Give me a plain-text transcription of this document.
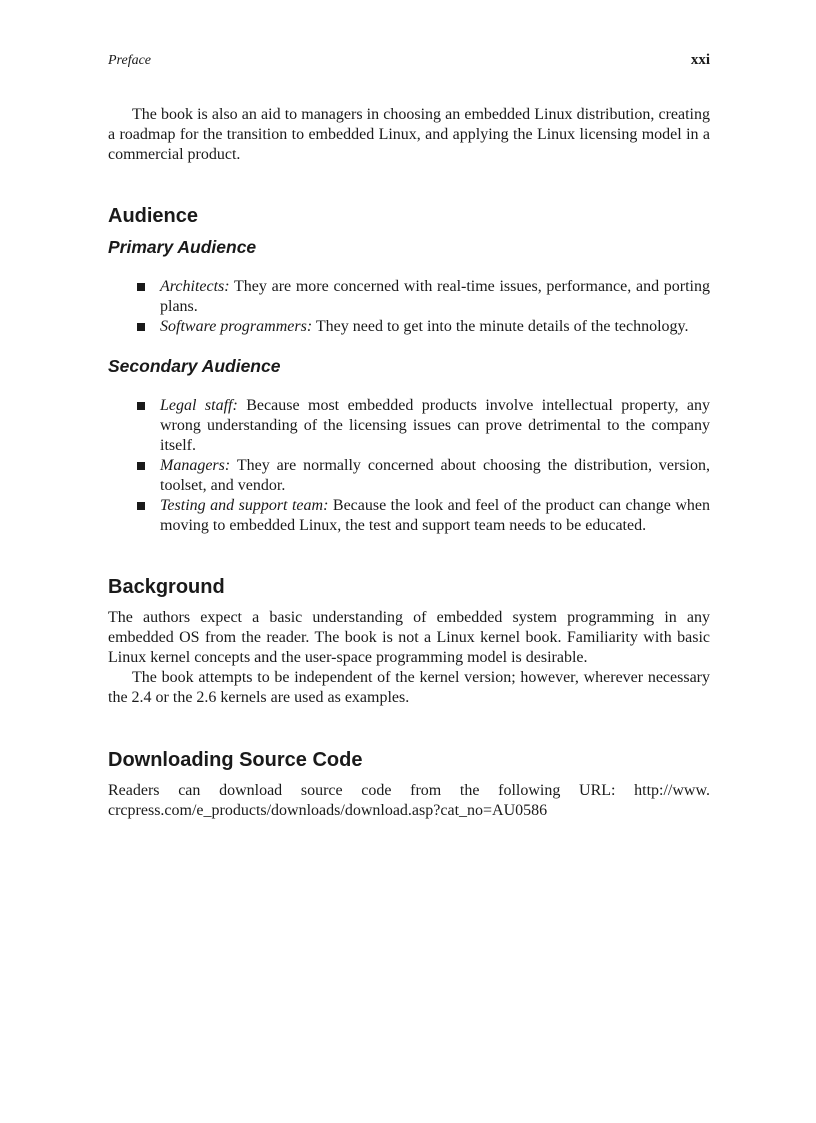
Preface	xxi

The book is also an aid to managers in choosing an embedded Linux distribution, creating a roadmap for the transition to embedded Linux, and applying the Linux licensing model in a commercial product.

Audience
Primary Audience
Architects: They are more concerned with real-time issues, performance, and porting plans.
Software programmers: They need to get into the minute details of the technology.
Secondary Audience
Legal staff: Because most embedded products involve intellectual property, any wrong understanding of the licensing issues can prove detrimental to the company itself.
Managers: They are normally concerned about choosing the distribution, version, toolset, and vendor.
Testing and support team: Because the look and feel of the product can change when moving to embedded Linux, the test and support team needs to be educated.
Background

The authors expect a basic understanding of embedded system programming in any embedded OS from the reader. The book is not a Linux kernel book. Familiarity with basic Linux kernel concepts and the user-space programming model is desirable.

The book attempts to be independent of the kernel version; however, wherever necessary the 2.4 or the 2.6 kernels are used as examples.

Downloading Source Code

Readers can download source code from the following URL: http://www. crcpress.com/e_products/downloads/download.asp?cat_no=AU0586
